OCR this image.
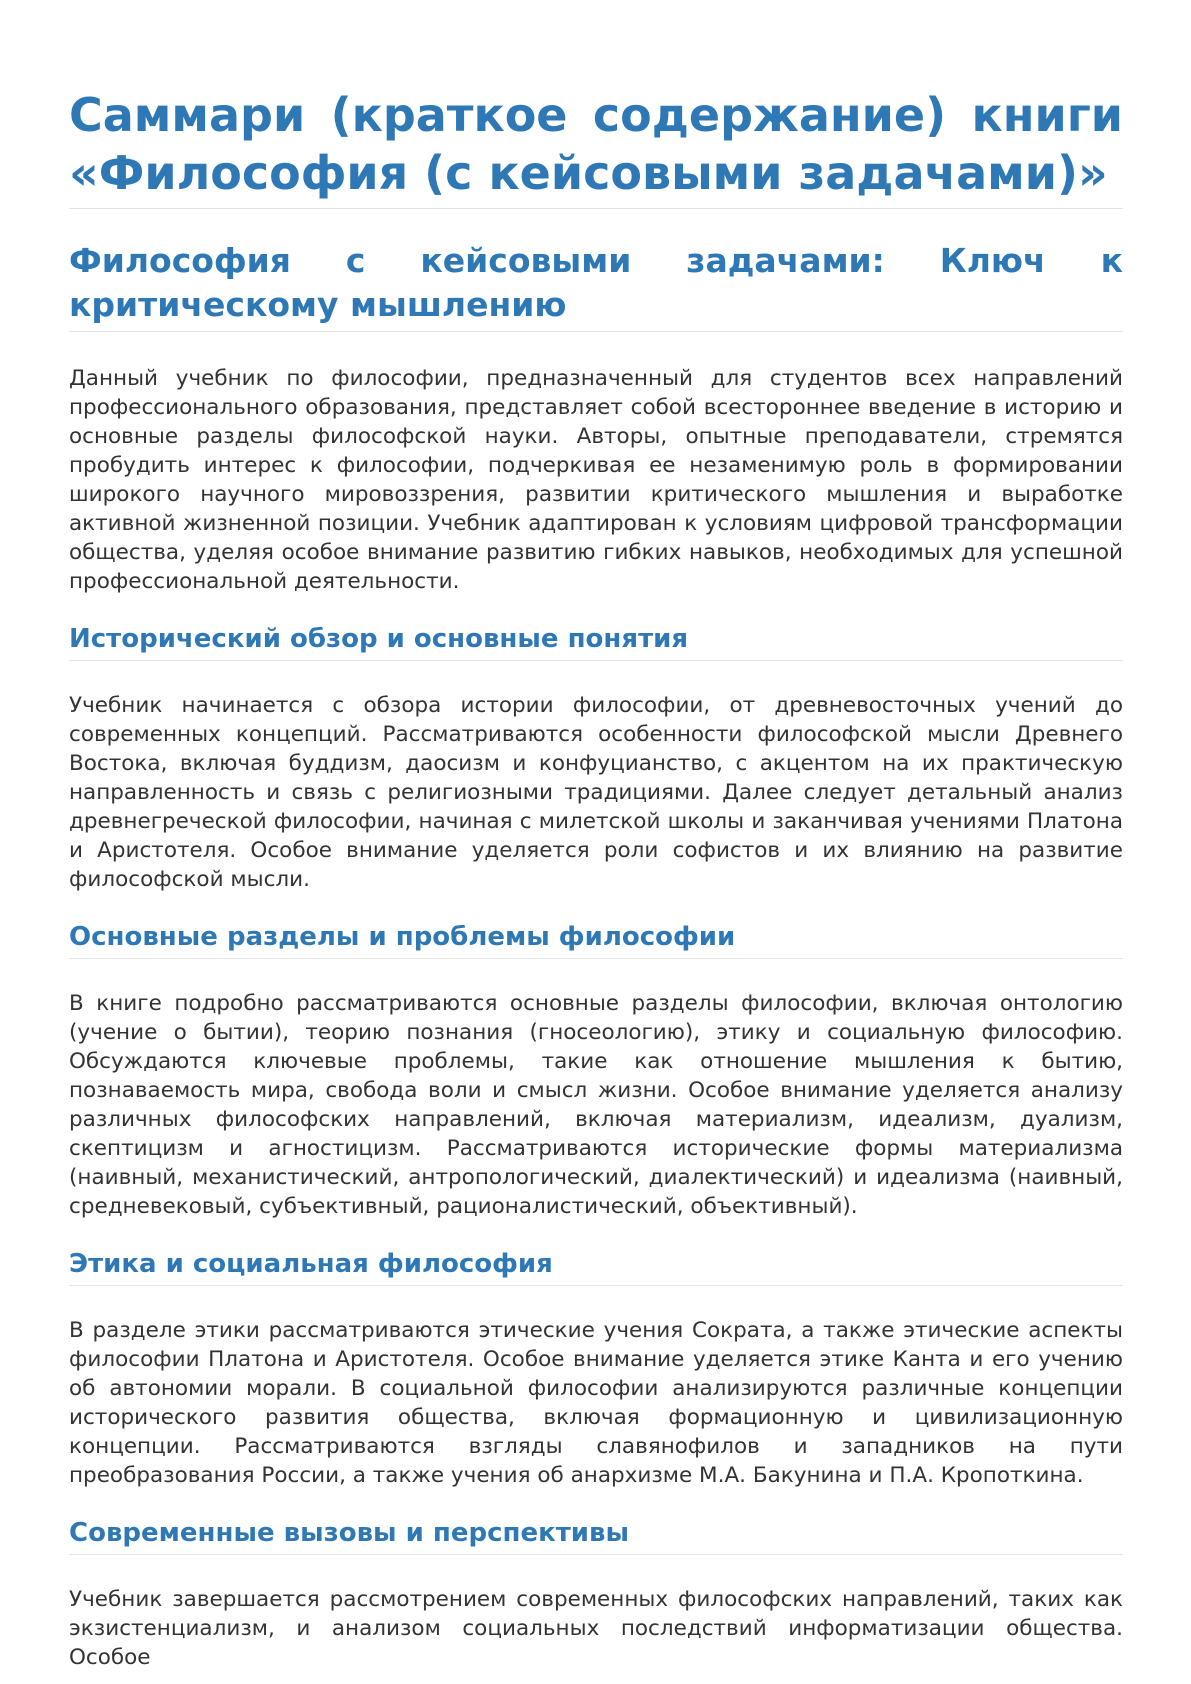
Саммари (краткое содержание) книги «Философия (с кейсовыми задачами)»
Философия с кейсовыми задачами: Ключ к критическому мышлению

Данный учебник по философии, предназначенный для студентов всех направлений профессионального образования, представляет собой всестороннее введение в историю и основные разделы философской науки. Авторы, опытные преподаватели, стремятся пробудить интерес к философии, подчеркивая ее незаменимую роль в формировании широкого научного мировоззрения, развитии критического мышления и выработке активной жизненной позиции. Учебник адаптирован к условиям цифровой трансформации общества, уделяя особое внимание развитию гибких навыков, необходимых для успешной профессиональной деятельности.

Исторический обзор и основные понятия

Учебник начинается с обзора истории философии, от древневосточных учений до современных концепций. Рассматриваются особенности философской мысли Древнего Востока, включая буддизм, даосизм и конфуцианство, с акцентом на их практическую направленность и связь с религиозными традициями. Далее следует детальный анализ древнегреческой философии, начиная с милетской школы и заканчивая учениями Платона и Аристотеля. Особое внимание уделяется роли софистов и их влиянию на развитие философской мысли.

Основные разделы и проблемы философии

В книге подробно рассматриваются основные разделы философии, включая онтологию (учение о бытии), теорию познания (гносеологию), этику и социальную философию. Обсуждаются ключевые проблемы, такие как отношение мышления к бытию, познаваемость мира, свобода воли и смысл жизни. Особое внимание уделяется анализу различных философских направлений, включая материализм, идеализм, дуализм, скептицизм и агностицизм. Рассматриваются исторические формы материализма (наивный, механистический, антропологический, диалектический) и идеализма (наивный, средневековый, субъективный, рационалистический, объективный).

Этика и социальная философия

В разделе этики рассматриваются этические учения Сократа, а также этические аспекты философии Платона и Аристотеля. Особое внимание уделяется этике Канта и его учению об автономии морали. В социальной философии анализируются различные концепции исторического развития общества, включая формационную и цивилизационную концепции. Рассматриваются взгляды славянофилов и западников на пути преобразования России, а также учения об анархизме М.А. Бакунина и П.А. Кропоткина.

Современные вызовы и перспективы

Учебник завершается рассмотрением современных философских направлений, таких как экзистенциализм, и анализом социальных последствий информатизации общества. Особое
